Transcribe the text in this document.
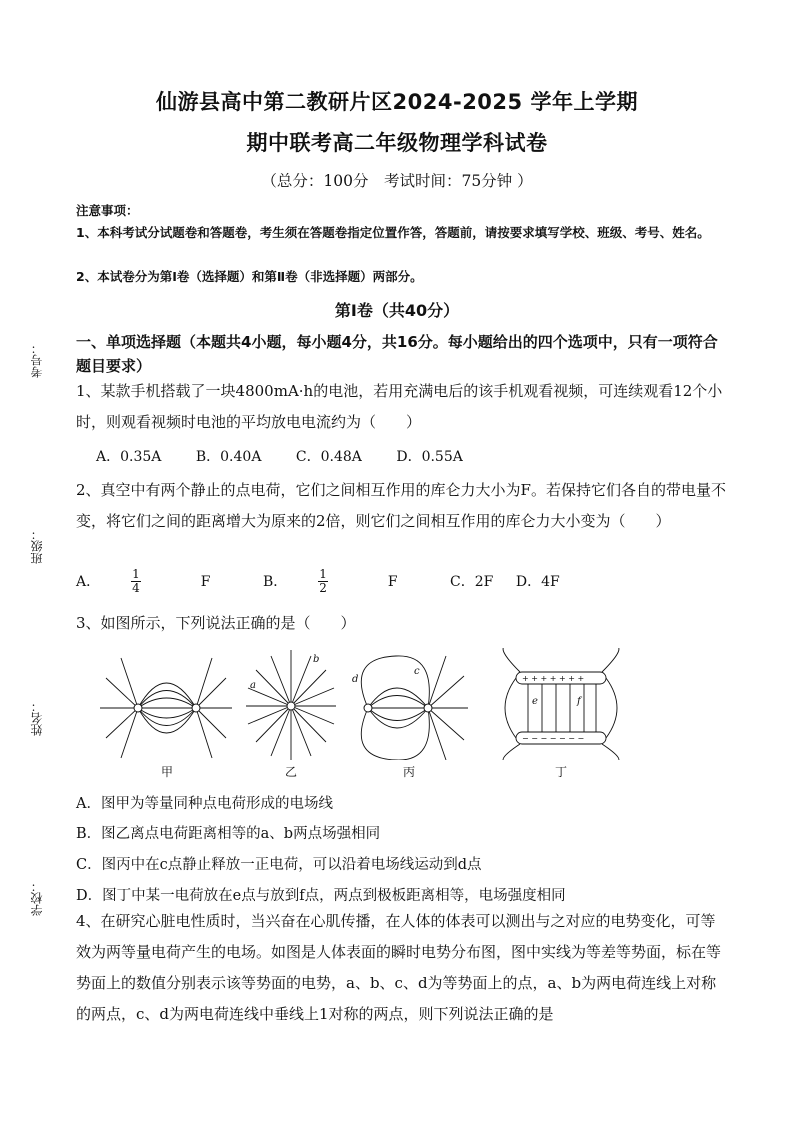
考号：
班级：
姓名：
学校：
仙游县高中第二教研片区2024-2025 学年上学期
期中联考高二年级物理学科试卷
（总分：100分　考试时间：75分钟 ）
注意事项：
1、本科考试分试题卷和答题卷，考生须在答题卷指定位置作答，答题前，请按要求填写学校、班级、考号、姓名。
2、本试卷分为第Ⅰ卷（选择题）和第Ⅱ卷（非选择题）两部分。
第Ⅰ卷（共40分）
一、单项选择题（本题共4小题，每小题4分，共16分。每小题给出的四个选项中，只有一项符合题目要求）
1、某款手机搭载了一块4800mA·h的电池，若用充满电后的该手机观看视频，可连续观看12个小时，则观看视频时电池的平均放电电流约为（　　）
A．0.35A B．0.40A C．0.48A D．0.55A
2、真空中有两个静止的点电荷，它们之间相互作用的库仑力大小为F。若保持它们各自的带电量不变，将它们之间的距离增大为原来的2倍，则它们之间相互作用的库仑力大小变为（　　）
A．	$\frac{1}{4}$ F	B．	$\frac{1}{2}$ F	C．2F D．4F
3、如图所示，下列说法正确的是（　　）
a
b
c
d
e	f
+ + + + + + +
− − − − − − −
甲	乙	丙	丁
A．图甲为等量同种点电荷形成的电场线
B．图乙离点电荷距离相等的a、b两点场强相同
C．图丙中在c点静止释放一正电荷，可以沿着电场线运动到d点
D．图丁中某一电荷放在e点与放到f点，两点到极板距离相等，电场强度相同
4、在研究心脏电性质时，当兴奋在心肌传播，在人体的体表可以测出与之对应的电势变化，可等效为两等量电荷产生的电场。如图是人体表面的瞬时电势分布图，图中实线为等差等势面，标在等势面上的数值分别表示该等势面的电势，a、b、c、d为等势面上的点，a、b为两电荷连线上对称的两点，c、d为两电荷连线中垂线上1对称的两点，则下列说法正确的是
